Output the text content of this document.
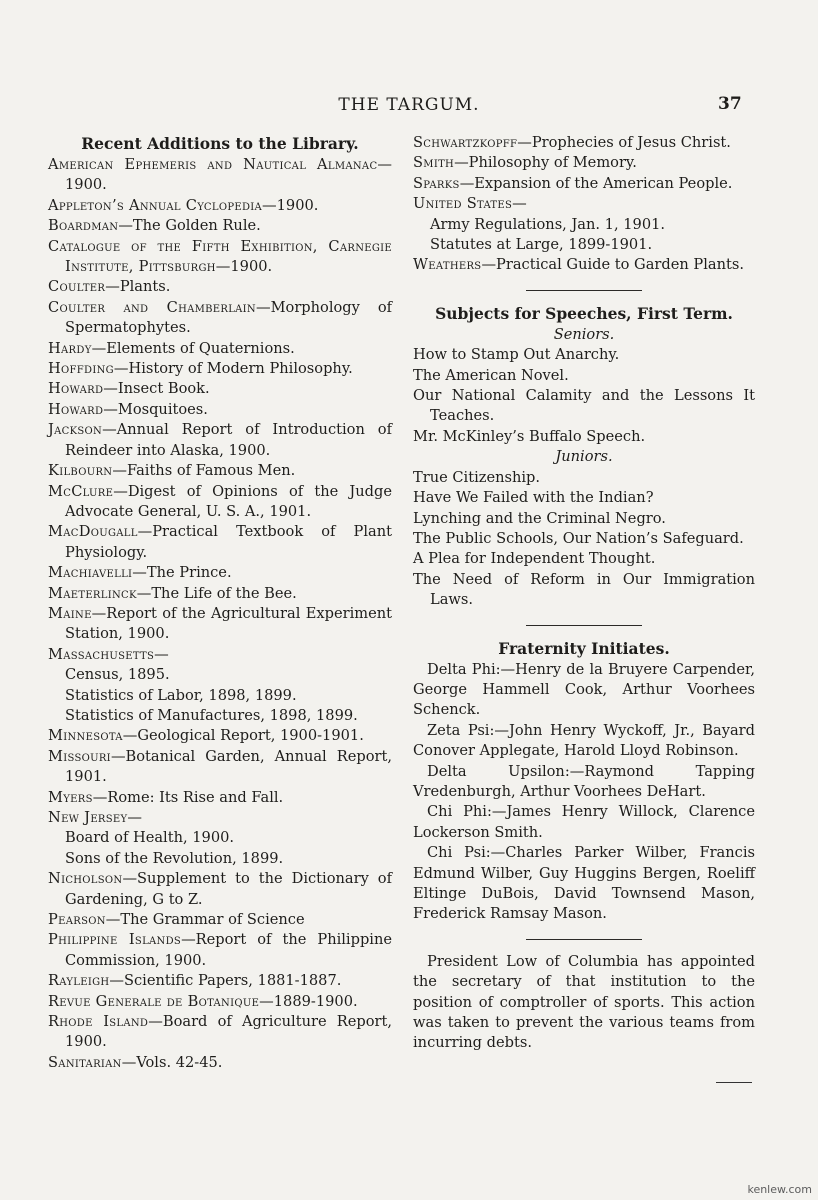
THE TARGUM.	37
Recent Additions to the Library.
American Ephemeris and Nautical Almanac—1900.
Appleton’s Annual Cyclopedia—1900.
Boardman—The Golden Rule.
Catalogue of the Fifth Exhibition, Carnegie Institute, Pittsburgh—1900.
Coulter—Plants.
Coulter and Chamberlain—Morphology of Spermatophytes.
Hardy—Elements of Quaternions.
Hoffding—History of Modern Philosophy.
Howard—Insect Book.
Howard—Mosquitoes.
Jackson—Annual Report of Introduction of Reindeer into Alaska, 1900.
Kilbourn—Faiths of Famous Men.
McClure—Digest of Opinions of the Judge Advocate General, U. S. A., 1901.
MacDougall—Practical Textbook of Plant Physiology.
Machiavelli—The Prince.
Maeterlinck—The Life of the Bee.
Maine—Report of the Agricultural Experiment Station, 1900.
Massachusetts—
Census, 1895.
Statistics of Labor, 1898, 1899.
Statistics of Manufactures, 1898, 1899.
Minnesota—Geological Report, 1900-1901.
Missouri—Botanical Garden, Annual Report, 1901.
Myers—Rome: Its Rise and Fall.
New Jersey—
Board of Health, 1900.
Sons of the Revolution, 1899.
Nicholson—Supplement to the Dictionary of Gardening, G to Z.
Pearson—The Grammar of Science
Philippine Islands—Report of the Philippine Commission, 1900.
Rayleigh—Scientific Papers, 1881-1887.
Revue Generale de Botanique—1889-1900.
Rhode Island—Board of Agriculture Report, 1900.
Sanitarian—Vols. 42-45.
Schwartzkopff—Prophecies of Jesus Christ.
Smith—Philosophy of Memory.
Sparks—Expansion of the American People.
United States—
Army Regulations, Jan. 1, 1901.
Statutes at Large, 1899-1901.
Weathers—Practical Guide to Garden Plants.
Subjects for Speeches, First Term.
Seniors.
How to Stamp Out Anarchy.
The American Novel.
Our National Calamity and the Lessons It Teaches.
Mr. McKinley’s Buffalo Speech.
Juniors.
True Citizenship.
Have We Failed with the Indian?
Lynching and the Criminal Negro.
The Public Schools, Our Nation’s Safeguard.
A Plea for Independent Thought.
The Need of Reform in Our Immigration Laws.
Fraternity Initiates.
Delta Phi:—Henry de la Bruyere Carpender, George Hammell Cook, Arthur Voorhees Schenck.
Zeta Psi:—John Henry Wyckoff, Jr., Bayard Conover Applegate, Harold Lloyd Robinson.
Delta Upsilon:—Raymond Tapping Vredenburgh, Arthur Voorhees DeHart.
Chi Phi:—James Henry Willock, Clarence Lockerson Smith.
Chi Psi:—Charles Parker Wilber, Francis Edmund Wilber, Guy Huggins Bergen, Roeliff Eltinge DuBois, David Townsend Mason, Frederick Ramsay Mason.
President Low of Columbia has appointed the secretary of that institution to the position of comptroller of sports. This action was taken to prevent the various teams from incurring debts.
kenlew.com
